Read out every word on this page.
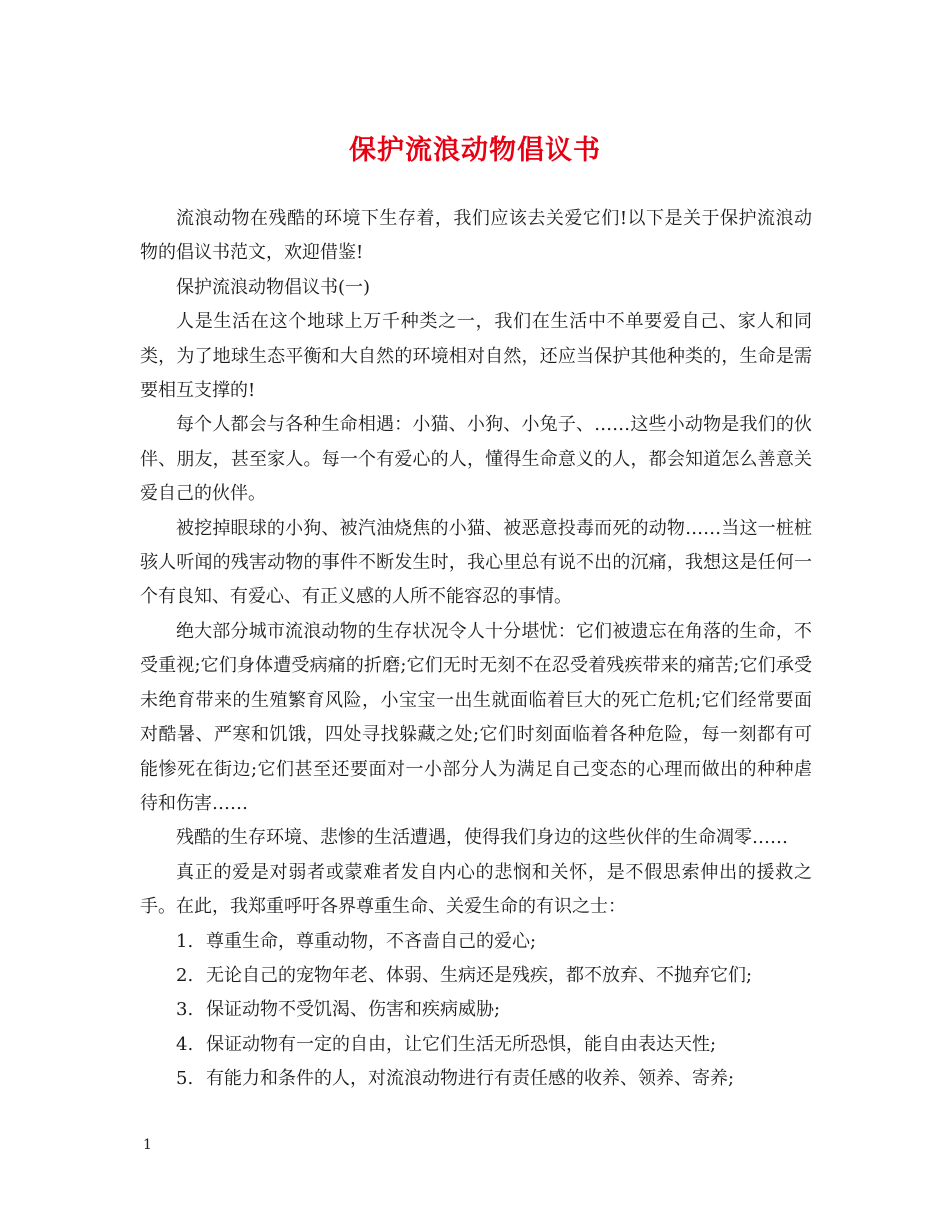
保护流浪动物倡议书

流浪动物在残酷的环境下生存着，我们应该去关爱它们!以下是关于保护流浪动物的倡议书范文，欢迎借鉴!

保护流浪动物倡议书(一)

人是生活在这个地球上万千种类之一，我们在生活中不单要爱自己、家人和同类，为了地球生态平衡和大自然的环境相对自然，还应当保护其他种类的，生命是需要相互支撑的!

每个人都会与各种生命相遇：小猫、小狗、小兔子、……这些小动物是我们的伙伴、朋友，甚至家人。每一个有爱心的人，懂得生命意义的人，都会知道怎么善意关爱自己的伙伴。

被挖掉眼球的小狗、被汽油烧焦的小猫、被恶意投毒而死的动物……当这一桩桩骇人听闻的残害动物的事件不断发生时，我心里总有说不出的沉痛，我想这是任何一个有良知、有爱心、有正义感的人所不能容忍的事情。

绝大部分城市流浪动物的生存状况令人十分堪忧：它们被遗忘在角落的生命，不受重视;它们身体遭受病痛的折磨;它们无时无刻不在忍受着残疾带来的痛苦;它们承受未绝育带来的生殖繁育风险，小宝宝一出生就面临着巨大的死亡危机;它们经常要面对酷暑、严寒和饥饿，四处寻找躲藏之处;它们时刻面临着各种危险，每一刻都有可能惨死在街边;它们甚至还要面对一小部分人为满足自己变态的心理而做出的种种虐待和伤害……

残酷的生存环境、悲惨的生活遭遇，使得我们身边的这些伙伴的生命凋零……

真正的爱是对弱者或蒙难者发自内心的悲悯和关怀，是不假思索伸出的援救之手。在此，我郑重呼吁各界尊重生命、关爱生命的有识之士：

1. 尊重生命，尊重动物，不吝啬自己的爱心;
2. 无论自己的宠物年老、体弱、生病还是残疾，都不放弃、不抛弃它们;
3. 保证动物不受饥渴、伤害和疾病威胁;
4. 保证动物有一定的自由，让它们生活无所恐惧，能自由表达天性;
5. 有能力和条件的人，对流浪动物进行有责任感的收养、领养、寄养;
1
